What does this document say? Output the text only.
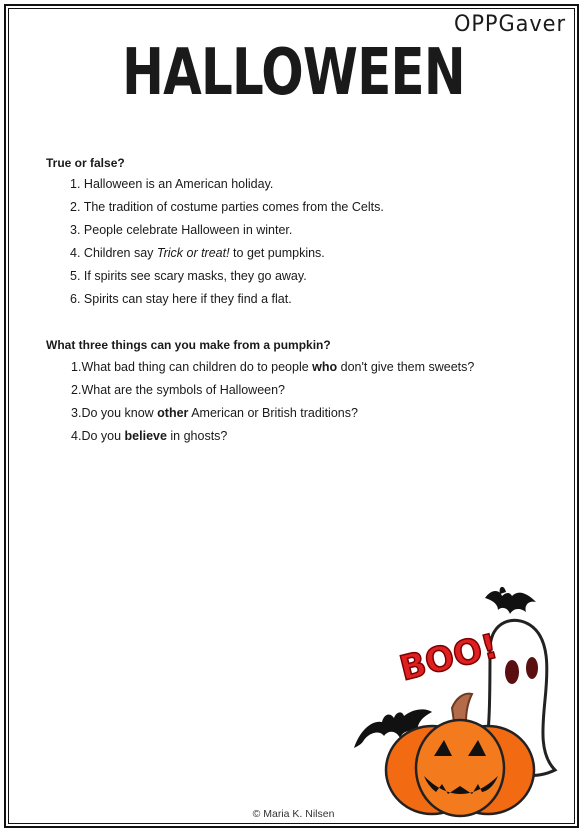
OPPGaver
HALLOWEEN
True or false?
1. Halloween is an American holiday.
2. The tradition of costume parties comes from the Celts.
3. People celebrate Halloween in winter.
4. Children say Trick or treat! to get pumpkins.
5. If spirits see scary masks, they go away.
6. Spirits can stay here if they find a flat.
What three things can you make from a pumpkin?
1.What bad thing can children do to people who don't give them sweets?
2.What are the symbols of Halloween?
3.Do you know other American or British traditions?
4.Do you believe in ghosts?
BOO!
© Maria K. Nilsen
